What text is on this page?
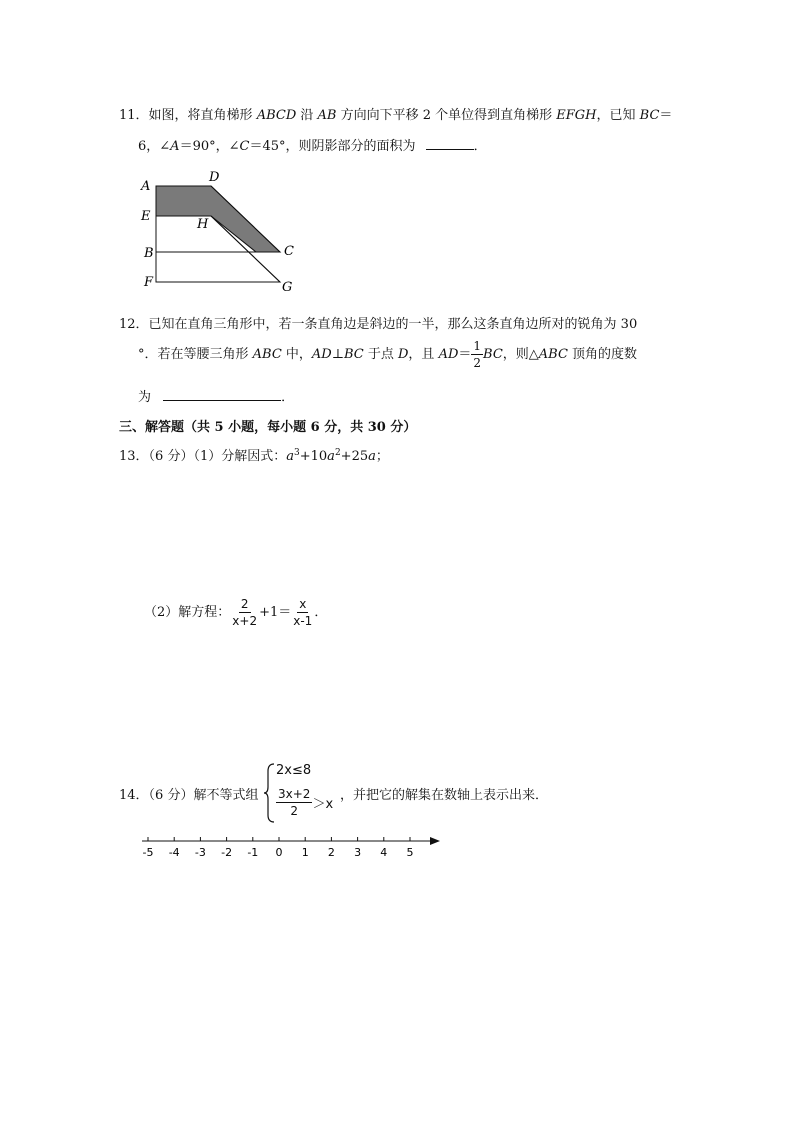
11．如图，将直角梯形 ABCD 沿 AB 方向向下平移 2 个单位得到直角梯形 EFGH，已知 BC＝
6，∠A＝90°，∠C＝45°，则阴影部分的面积为	．
A
D
E
H
B	C
F	G
12．已知在直角三角形中，若一条直角边是斜边的一半，那么这条直角边所对的锐角为 30
°．若在等腰三角形 ABC 中，AD⊥BC 于点 D，且 $AD= \frac{1}{2}$ BC，则△ABC 顶角的度数
为	．
三、解答题（共 5 小题，每小题 6 分，共 30 分）
13．（6 分）（1）分解因式：$a^3+10a^2+25a$；
（2）解方程： $\frac{2}{x+2} +1= \frac{x}{x-1}$ ．
14．（6 分）解不等式组
2x≤8
$\frac{3x+2}{2} >x$
，并把它的解集在数轴上表示出来．
-5 -4 -3 -2 -1 0 1 2 3 4 5
